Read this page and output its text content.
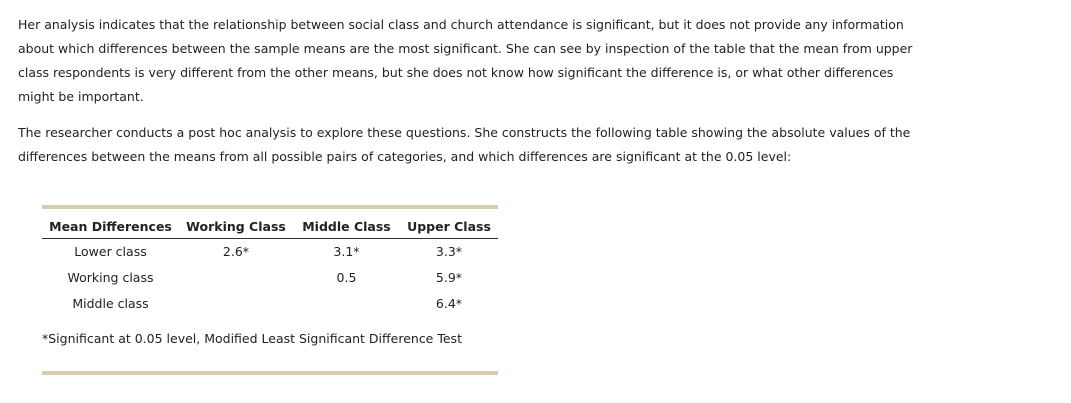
Her analysis indicates that the relationship between social class and church attendance is significant, but it does not provide any information about which differences between the sample means are the most significant. She can see by inspection of the table that the mean from upper class respondents is very different from the other means, but she does not know how significant the difference is, or what other differences might be important.

The researcher conducts a post hoc analysis to explore these questions. She constructs the following table showing the absolute values of the differences between the means from all possible pairs of categories, and which differences are significant at the 0.05 level:

Mean Differences	Working Class	Middle Class	Upper Class
Lower class	2.6*	3.1*	3.3*
Working class		0.5	5.9*
Middle class			6.4*
*Significant at 0.05 level, Modified Least Significant Difference Test
